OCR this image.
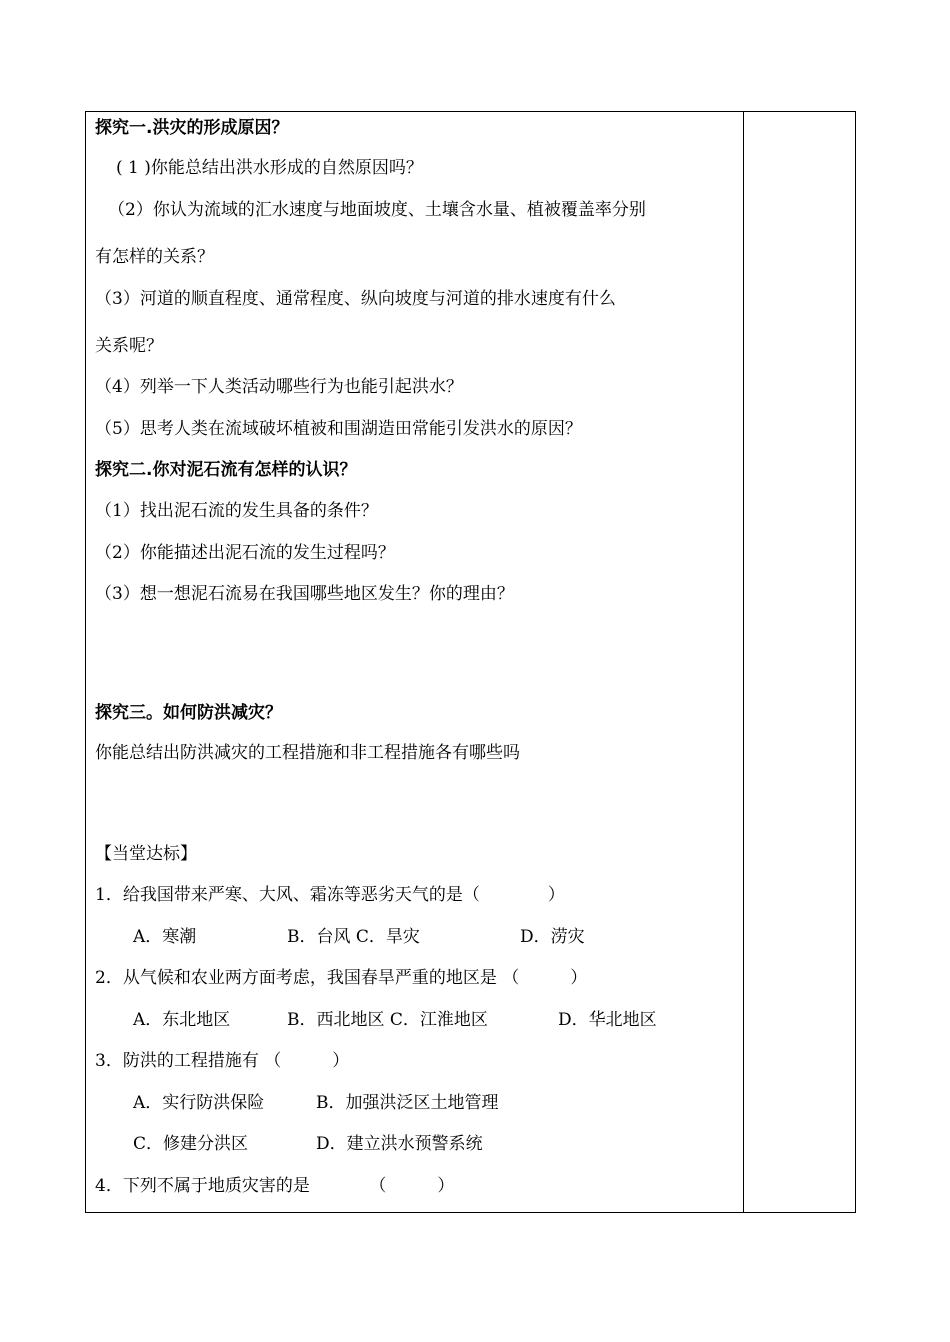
探究一.洪灾的形成原因？
( 1 )你能总结出洪水形成的自然原因吗？
（2）你认为流域的汇水速度与地面坡度、土壤含水量、植被覆盖率分别
有怎样的关系？
（3）河道的顺直程度、通常程度、纵向坡度与河道的排水速度有什么
关系呢？
（4）列举一下人类活动哪些行为也能引起洪水？
（5）思考人类在流域破坏植被和围湖造田常能引发洪水的原因？
探究二.你对泥石流有怎样的认识？
（1）找出泥石流的发生具备的条件？
（2）你能描述出泥石流的发生过程吗？
（3）想一想泥石流易在我国哪些地区发生？你的理由？
探究三。如何防洪减灾？
你能总结出防洪减灾的工程措施和非工程措施各有哪些吗
【当堂达标】
1．给我国带来严寒、大风、霜冻等恶劣天气的是（　　　　）
A．寒潮	B．台风 C．旱灾	D．涝灾
2．从气候和农业两方面考虑，我国春旱严重的地区是 （　　　）
A．东北地区	B．西北地区 C．江淮地区	D．华北地区
3．防洪的工程措施有 （　　　）
A．实行防洪保险	B．加强洪泛区土地管理
C．修建分洪区	D．建立洪水预警系统
4．下列不属于地质灾害的是　　　　（　　　）
